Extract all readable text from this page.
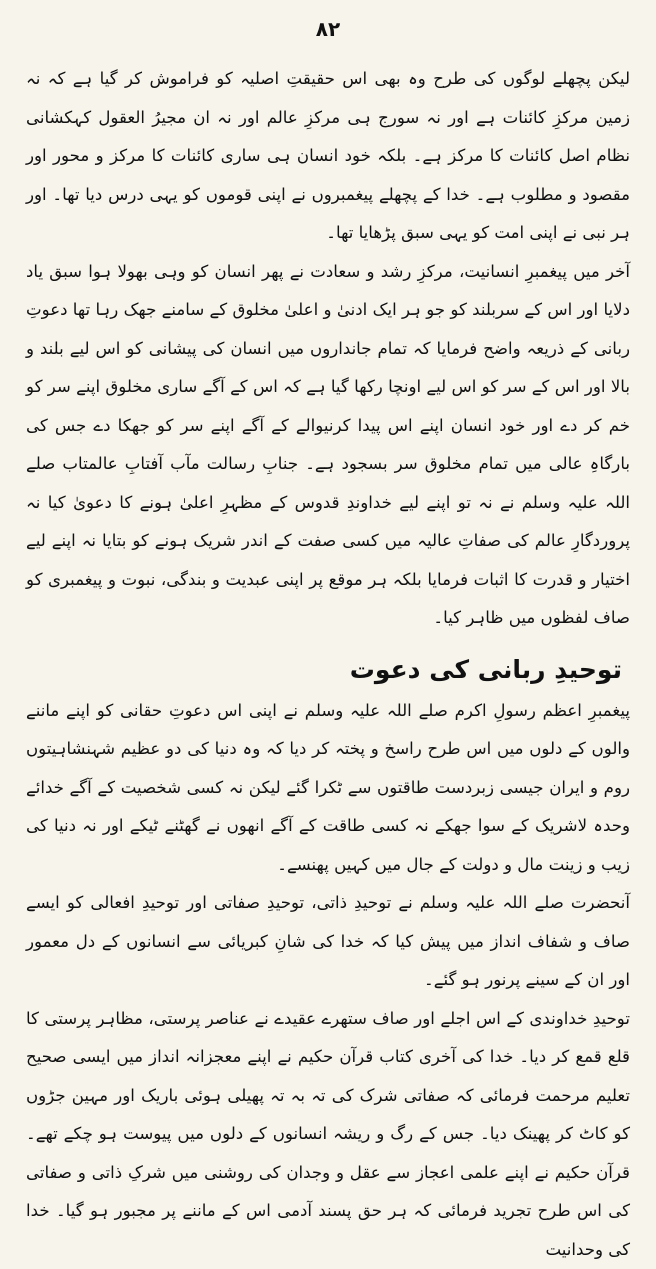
۸۲

لیکن پچھلے لوگوں کی طرح وہ بھی اس حقیقتِ اصلیہ کو فراموش کر گیا ہے کہ نہ زمین مرکزِ کائنات ہے اور نہ سورج ہی مرکزِ عالم اور نہ ان مجیرُ العقول کہکشانی نظام اصل کائنات کا مرکز ہے۔ بلکہ خود انسان ہی ساری کائنات کا مرکز و محور اور مقصود و مطلوب ہے۔ خدا کے پچھلے پیغمبروں نے اپنی قوموں کو یہی درس دیا تھا۔ اور ہر نبی نے اپنی امت کو یہی سبق پڑھایا تھا۔

آخر میں پیغمبرِ انسانیت، مرکزِ رشد و سعادت نے پھر انسان کو وہی بھولا ہوا سبق یاد دلایا اور اس کے سربلند کو جو ہر ایک ادنیٰ و اعلیٰ مخلوق کے سامنے جھک رہا تھا دعوتِ ربانی کے ذریعہ واضح فرمایا کہ تمام جانداروں میں انسان کی پیشانی کو اس لیے بلند و بالا اور اس کے سر کو اس لیے اونچا رکھا گیا ہے کہ اس کے آگے ساری مخلوق اپنے سر کو خم کر دے اور خود انسان اپنے اس پیدا کرنیوالے کے آگے اپنے سر کو جھکا دے جس کی بارگاہِ عالی میں تمام مخلوق سر بسجود ہے۔ جنابِ رسالت مآب آفتابِ عالمتاب صلے اللہ علیہ وسلم نے نہ تو اپنے لیے خداوندِ قدوس کے مظہرِ اعلیٰ ہونے کا دعویٰ کیا نہ پروردگارِ عالم کی صفاتِ عالیہ میں کسی صفت کے اندر شریک ہونے کو بتایا نہ اپنے لیے اختیار و قدرت کا اثبات فرمایا بلکہ ہر موقع پر اپنی عبدیت و بندگی، نبوت و پیغمبری کو صاف لفظوں میں ظاہر کیا۔

توحیدِ ربانی کی دعوت

پیغمبرِ اعظم رسولِ اکرم صلے اللہ علیہ وسلم نے اپنی اس دعوتِ حقانی کو اپنے ماننے والوں کے دلوں میں اس طرح راسخ و پختہ کر دیا کہ وہ دنیا کی دو عظیم شہنشاہیتوں روم و ایران جیسی زبردست طاقتوں سے ٹکرا گئے لیکن نہ کسی شخصیت کے آگے خدائے وحدہ لاشریک کے سوا جھکے نہ کسی طاقت کے آگے انھوں نے گھٹنے ٹیکے اور نہ دنیا کی زیب و زینت مال و دولت کے جال میں کہیں پھنسے۔

آنحضرت صلے اللہ علیہ وسلم نے توحیدِ ذاتی، توحیدِ صفاتی اور توحیدِ افعالی کو ایسے صاف و شفاف انداز میں پیش کیا کہ خدا کی شانِ کبریائی سے انسانوں کے دل معمور اور ان کے سینے پرنور ہو گئے۔

توحیدِ خداوندی کے اس اجلے اور صاف ستھرے عقیدے نے عناصر پرستی، مظاہر پرستی کا قلع قمع کر دیا۔ خدا کی آخری کتاب قرآن حکیم نے اپنے معجزانہ انداز میں ایسی صحیح تعلیم مرحمت فرمائی کہ صفاتی شرک کی تہ بہ تہ پھیلی ہوئی باریک اور مہین جڑوں کو کاٹ کر پھینک دیا۔ جس کے رگ و ریشہ انسانوں کے دلوں میں پیوست ہو چکے تھے۔ قرآن حکیم نے اپنے علمی اعجاز سے عقل و وجدان کی روشنی میں شرکِ ذاتی و صفاتی کی اس طرح تجرید فرمائی کہ ہر حق پسند آدمی اس کے ماننے پر مجبور ہو گیا۔ خدا کی وحدانیت
